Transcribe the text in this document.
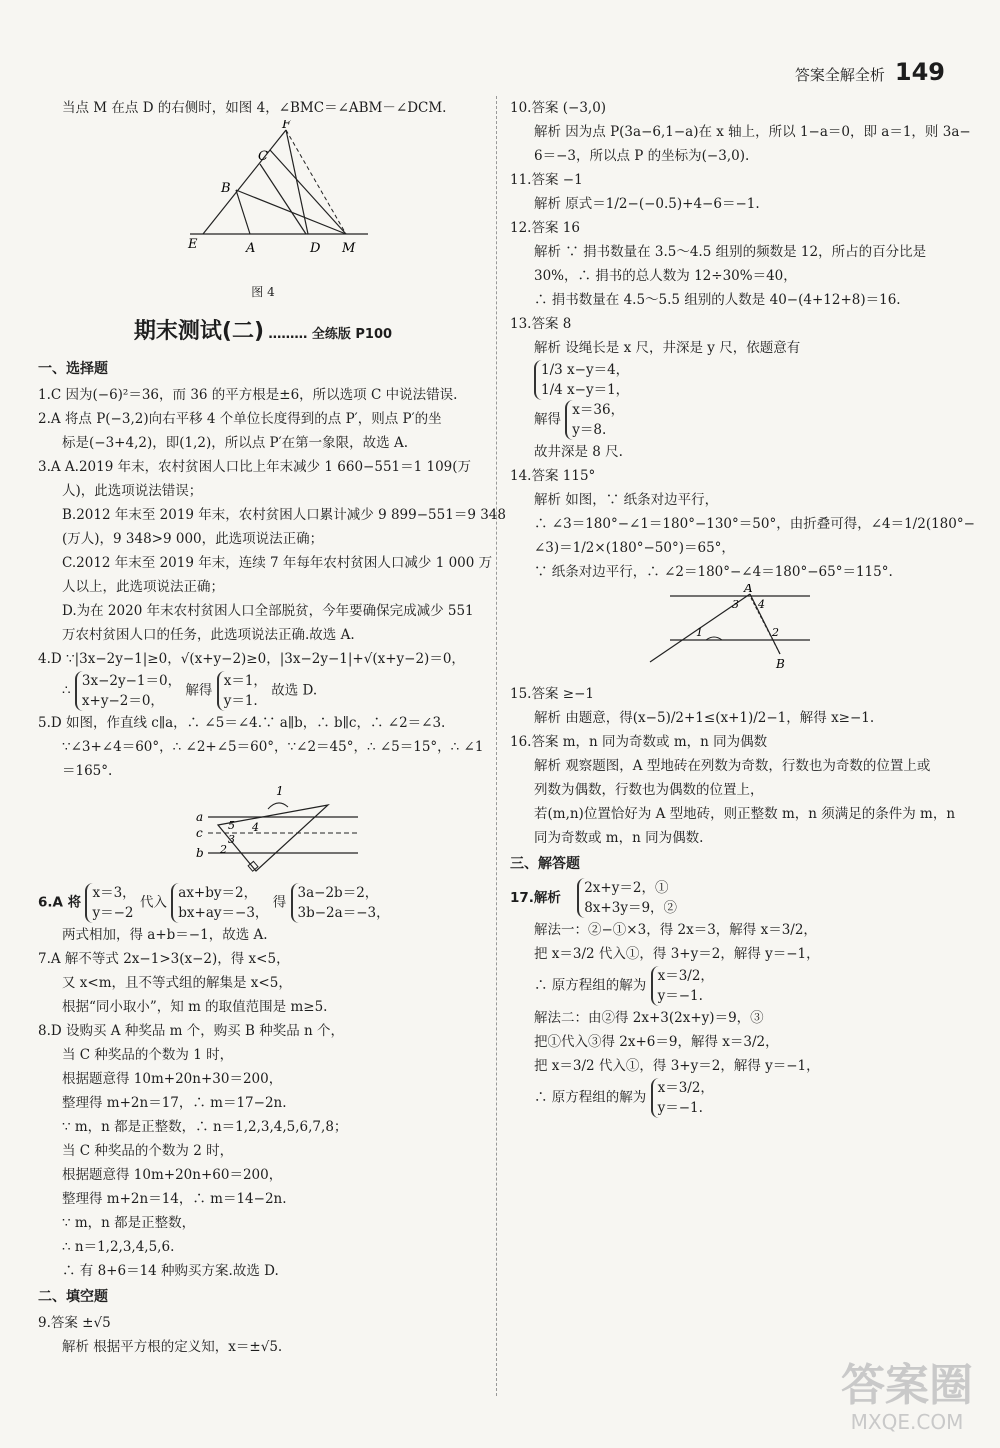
答案全解全析 149

当点 M 在点 D 的右侧时，如图 4，∠BMC＝∠ABM－∠DCM.

F
C
B
E	A	D M

图 4

期末测试(二) ……… 全练版 P100

一、选择题

1.C 因为(−6)²＝36，而 36 的平方根是±6，所以选项 C 中说法错误.

2.A 将点 P(−3,2)向右平移 4 个单位长度得到的点 P′，则点 P′的坐

标是(−3+4,2)，即(1,2)，所以点 P′在第一象限，故选 A.

3.A A.2019 年末，农村贫困人口比上年末减少 1 660−551＝1 109(万

人)，此选项说法错误；

B.2012 年末至 2019 年末，农村贫困人口累计减少 9 899−551＝9 348

(万人)，9 348>9 000，此选项说法正确；

C.2012 年末至 2019 年末，连续 7 年每年农村贫困人口减少 1 000 万

人以上，此选项说法正确；

D.为在 2020 年末农村贫困人口全部脱贫，今年要确保完成减少 551

万农村贫困人口的任务，此选项说法正确.故选 A.

4.D ∵|3x−2y−1|≥0，√(x+y−2)≥0，|3x−2y−1|+√(x+y−2)＝0，

∴ 3x−2y−1＝0，
x+y−2＝0， 解得 x＝1，
y＝1. 故选 D.

5.D 如图，作直线 c∥a，∴ ∠5＝∠4.∵ a∥b，∴ b∥c，∴ ∠2＝∠3.

∵∠3+∠4＝60°，∴ ∠2+∠5＝60°，∵∠2＝45°，∴ ∠5＝15°，∴ ∠1

＝165°.

1
a
5 4
c 3
2
b

6.A 将 x＝3，
y＝−2 代入 ax+by＝2，
bx+ay＝−3， 得 3a−2b＝2，
3b−2a＝−3，

两式相加，得 a+b＝−1，故选 A.

7.A 解不等式 2x−1>3(x−2)，得 x<5，

又 x<m，且不等式组的解集是 x<5，

根据“同小取小”，知 m 的取值范围是 m≥5.

8.D 设购买 A 种奖品 m 个，购买 B 种奖品 n 个，

当 C 种奖品的个数为 1 时，

根据题意得 10m+20n+30＝200，

整理得 m+2n＝17，∴ m＝17−2n.

∵ m，n 都是正整数，∴ n＝1,2,3,4,5,6,7,8；

当 C 种奖品的个数为 2 时，

根据题意得 10m+20n+60＝200，

整理得 m+2n＝14，∴ m＝14−2n.

∵ m，n 都是正整数，

∴ n＝1,2,3,4,5,6.

∴ 有 8+6＝14 种购买方案.故选 D.

二、填空题

9.答案 ±√5

解析 根据平方根的定义知，x＝±√5.

10.答案 (−3,0)

解析 因为点 P(3a−6,1−a)在 x 轴上，所以 1−a＝0，即 a＝1，则 3a−

6＝−3，所以点 P 的坐标为(−3,0).

11.答案 −1

解析 原式＝1/2−(−0.5)+4−6＝−1.

12.答案 16

解析 ∵ 捐书数量在 3.5～4.5 组别的频数是 12，所占的百分比是

30%，∴ 捐书的总人数为 12÷30%＝40，

∴ 捐书数量在 4.5～5.5 组别的人数是 40−(4+12+8)＝16.

13.答案 8

解析 设绳长是 x 尺，井深是 y 尺，依题意有

1/3 x−y＝4，
1/4 x−y＝1，

解得 x＝36，
y＝8.

故井深是 8 尺.

14.答案 115°

解析 如图，∵ 纸条对边平行，

∴ ∠3＝180°−∠1＝180°−130°＝50°，由折叠可得，∠4＝1/2(180°−

∠3)＝1/2×(180°−50°)＝65°，

∵ 纸条对边平行，∴ ∠2＝180°−∠4＝180°−65°＝115°.

A
3 4
1	2
B

15.答案 ≥−1

解析 由题意，得(x−5)/2+1≤(x+1)/2−1，解得 x≥−1.

16.答案 m，n 同为奇数或 m，n 同为偶数

解析 观察题图，A 型地砖在列数为奇数，行数也为奇数的位置上或

列数为偶数，行数也为偶数的位置上，

若(m,n)位置恰好为 A 型地砖，则正整数 m，n 须满足的条件为 m，n

同为奇数或 m，n 同为偶数.

三、解答题

17.解析 2x+y＝2，①
8x+3y＝9，②

解法一：②−①×3，得 2x＝3，解得 x＝3/2，

把 x＝3/2 代入①，得 3+y＝2，解得 y＝−1，

∴ 原方程组的解为 x＝3/2，
y＝−1.

解法二：由②得 2x+3(2x+y)＝9，③

把①代入③得 2x+6＝9，解得 x＝3/2，

把 x＝3/2 代入①，得 3+y＝2，解得 y＝−1，

∴ 原方程组的解为 x＝3/2，
y＝−1.

答案圈
MXQE.COM
